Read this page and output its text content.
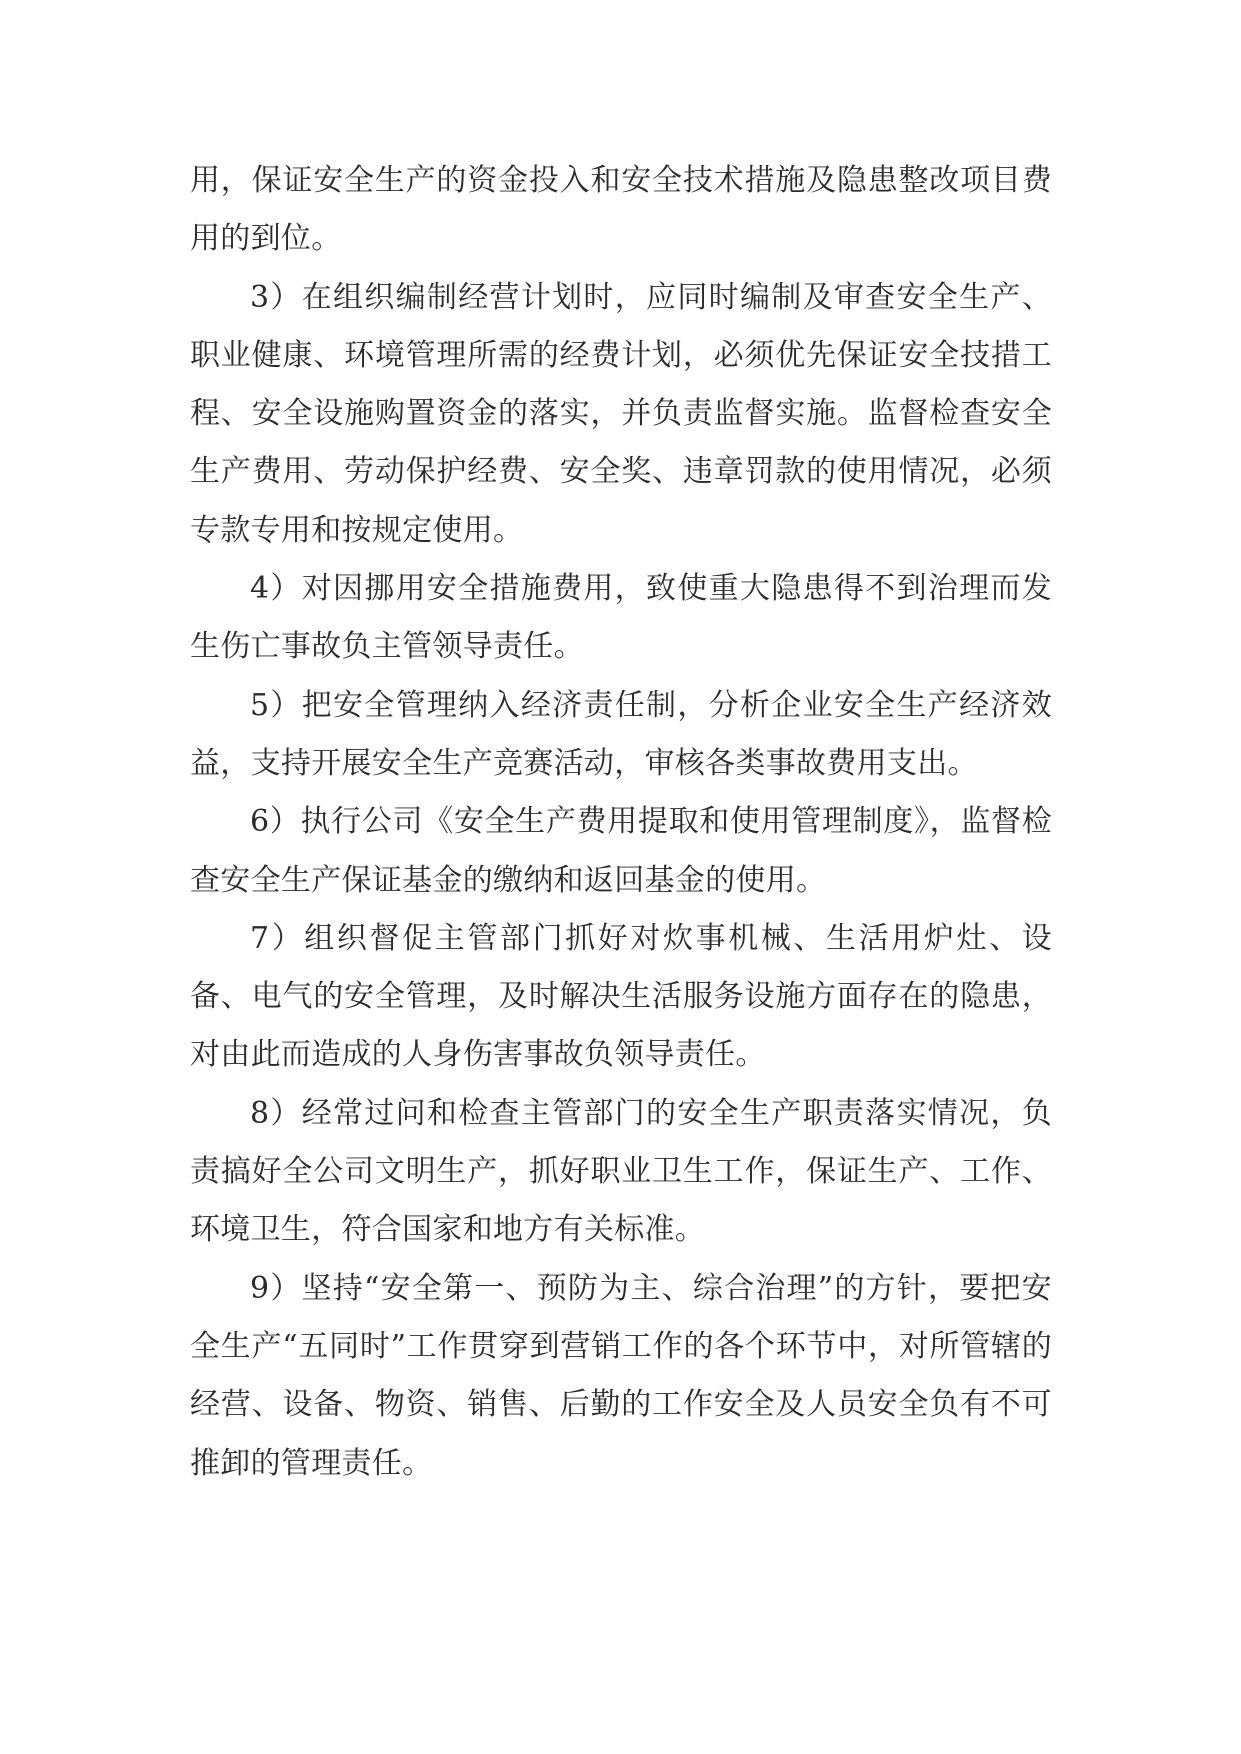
用，保证安全生产的资金投入和安全技术措施及隐患整改项目费用的到位。

3）在组织编制经营计划时，应同时编制及审查安全生产、职业健康、环境管理所需的经费计划，必须优先保证安全技措工程、安全设施购置资金的落实，并负责监督实施。监督检查安全生产费用、劳动保护经费、安全奖、违章罚款的使用情况，必须专款专用和按规定使用。

4）对因挪用安全措施费用，致使重大隐患得不到治理而发生伤亡事故负主管领导责任。

5）把安全管理纳入经济责任制，分析企业安全生产经济效益，支持开展安全生产竞赛活动，审核各类事故费用支出。

6）执行公司《安全生产费用提取和使用管理制度》，监督检查安全生产保证基金的缴纳和返回基金的使用。

7）组织督促主管部门抓好对炊事机械、生活用炉灶、设备、电气的安全管理，及时解决生活服务设施方面存在的隐患，对由此而造成的人身伤害事故负领导责任。

8）经常过问和检查主管部门的安全生产职责落实情况，负责搞好全公司文明生产，抓好职业卫生工作，保证生产、工作、环境卫生，符合国家和地方有关标准。

9）坚持“安全第一、预防为主、综合治理”的方针，要把安全生产“五同时”工作贯穿到营销工作的各个环节中，对所管辖的经营、设备、物资、销售、后勤的工作安全及人员安全负有不可推卸的管理责任。
